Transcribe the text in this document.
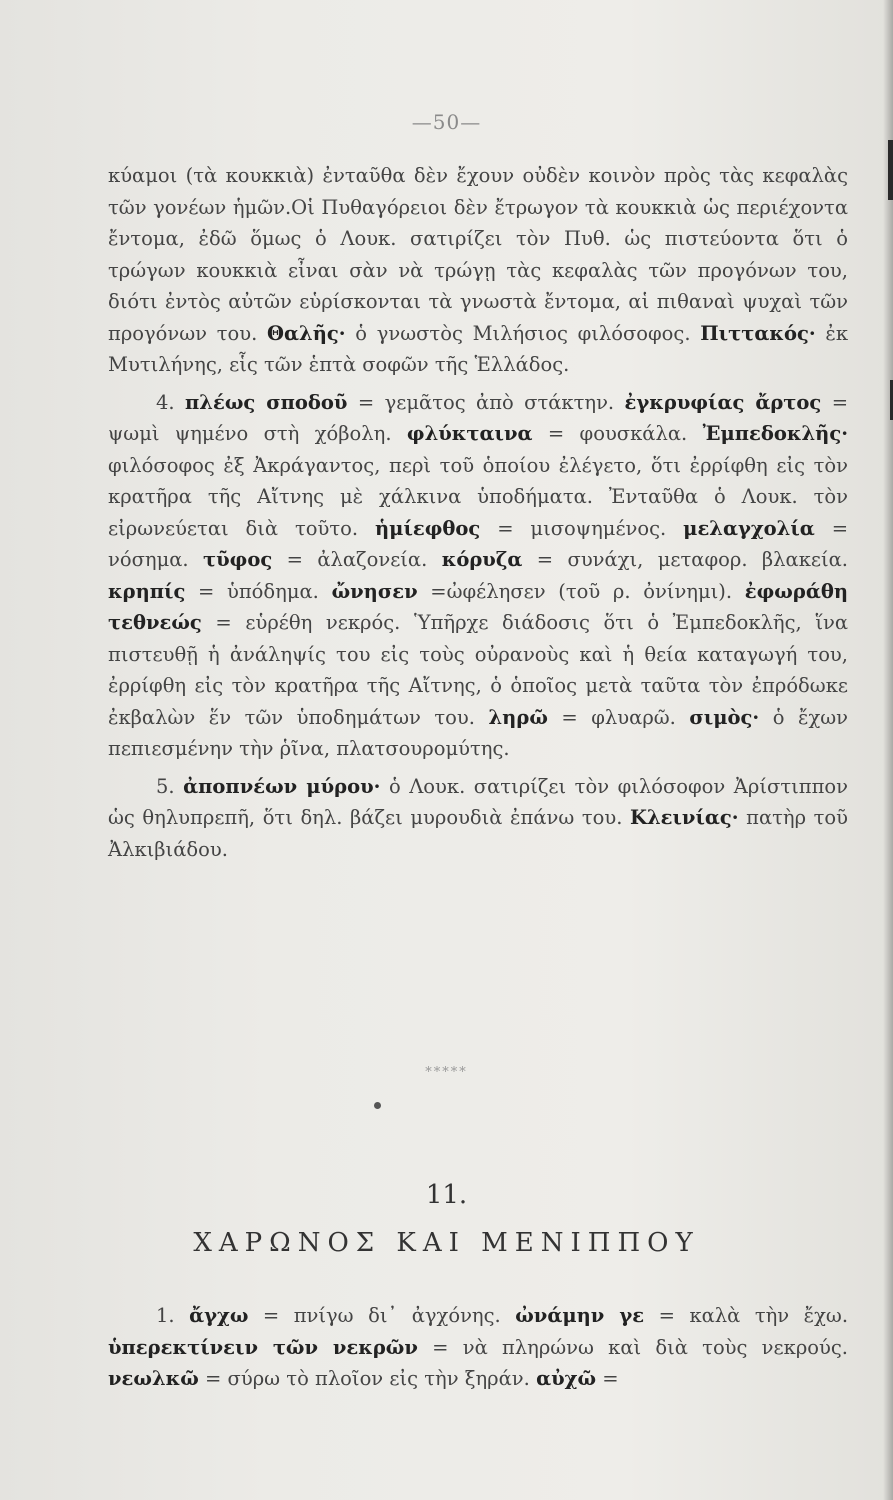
—50—

κύαμοι (τὰ κουκκιὰ) ἐνταῦθα δὲν ἔχουν οὐδὲν κοινὸν πρὸς τὰς κεφαλὰς τῶν γονέων ἡμῶν.Οἱ Πυθαγόρειοι δὲν ἔτρωγον τὰ κουκκιὰ ὡς περιέχοντα ἔντομα, ἐδῶ ὅμως ὁ Λουκ. σατιρίζει τὸν Πυθ. ὡς πιστεύοντα ὅτι ὁ τρώγων κουκκιὰ εἶναι σὰν νὰ τρώγῃ τὰς κεφαλὰς τῶν προγόνων του, διότι ἐντὸς αὐτῶν εὑρίσκονται τὰ γνωστὰ ἔντομα, αἱ πιθαναὶ ψυχαὶ τῶν προγόνων του. Θαλῆς· ὁ γνωστὸς Μιλήσιος φιλόσοφος. Πιττακός· ἐκ Μυτιλήνης, εἷς τῶν ἑπτὰ σοφῶν τῆς Ἑλλάδος.

4. πλέως σποδοῦ = γεμᾶτος ἀπὸ στάκτην. ἐγκρυφίας ἄρτος = ψωμὶ ψημένο στὴ χόβολη. φλύκταινα = φουσκάλα. Ἐμπεδοκλῆς· φιλόσοφος ἐξ Ἀκράγαντος, περὶ τοῦ ὁποίου ἐλέγετο, ὅτι ἐρρίφθη εἰς τὸν κρατῆρα τῆς Αἴτνης μὲ χάλκινα ὑποδήματα. Ἐνταῦθα ὁ Λουκ. τὸν εἰρωνεύεται διὰ τοῦτο. ἡμίεφθος = μισοψημένος. μελαγχολία = νόσημα. τῦφος = ἀλαζονεία. κόρυζα = συνάχι, μεταφορ. βλακεία. κρηπίς = ὑπόδημα. ὤνησεν =ὠφέλησεν (τοῦ ρ. ὀνίνημι). ἐφωράθη τεθνεώς = εὑρέθη νεκρός. Ὑπῆρχε διάδοσις ὅτι ὁ Ἐμπεδοκλῆς, ἵνα πιστευθῇ ἡ ἀνάληψίς του εἰς τοὺς οὐρανοὺς καὶ ἡ θεία καταγωγή του, ἐρρίφθη εἰς τὸν κρατῆρα τῆς Αἴτνης, ὁ ὁποῖος μετὰ ταῦτα τὸν ἐπρόδωκε ἐκβαλὼν ἕν τῶν ὑποδημάτων του. ληρῶ = φλυαρῶ. σιμὸς· ὁ ἔχων πεπιεσμένην τὴν ῥῖνα, πλατσουρομύτης.

5. ἀποπνέων μύρου· ὁ Λουκ. σατιρίζει τὸν φιλόσοφον Ἀρίστιππον ὡς θηλυπρεπῆ, ὅτι δηλ. βάζει μυρουδιὰ ἐπάνω του. Κλεινίας· πατὴρ τοῦ Ἀλκιβιάδου.

*****
11.
ΧΑΡΩΝΟΣ ΚΑΙ ΜΕΝΙΠΠΟΥ

1. ἄγχω = πνίγω δι᾽ ἀγχόνης. ὠνάμην γε = καλὰ τὴν ἔχω. ὑπερεκτίνειν τῶν νεκρῶν = νὰ πληρώνω καὶ διὰ τοὺς νεκρούς. νεωλκῶ = σύρω τὸ πλοῖον εἰς τὴν ξηράν. αὐχῶ =
